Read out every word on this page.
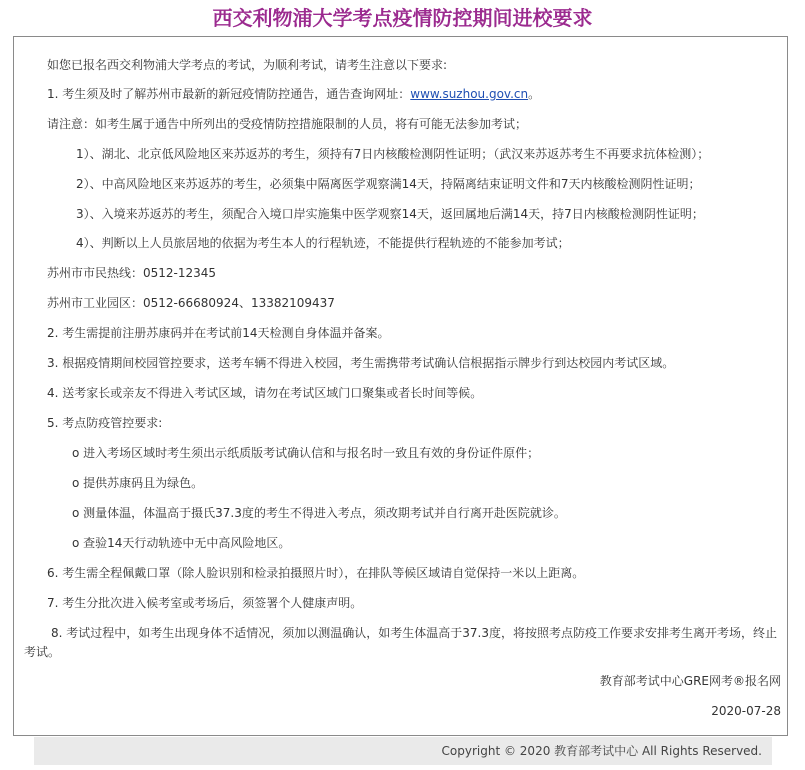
西交利物浦大学考点疫情防控期间进校要求
如您已报名西交利物浦大学考点的考试，为顺利考试，请考生注意以下要求:
1. 考生须及时了解苏州市最新的新冠疫情防控通告，通告查询网址：www.suzhou.gov.cn。
请注意：如考生属于通告中所列出的受疫情防控措施限制的人员，将有可能无法参加考试；
1）、湖北、北京低风险地区来苏返苏的考生，须持有7日内核酸检测阴性证明；（武汉来苏返苏考生不再要求抗体检测）；
2）、中高风险地区来苏返苏的考生，必须集中隔离医学观察满14天，持隔离结束证明文件和7天内核酸检测阴性证明；
3）、入境来苏返苏的考生，须配合入境口岸实施集中医学观察14天，返回属地后满14天，持7日内核酸检测阴性证明；
4）、判断以上人员旅居地的依据为考生本人的行程轨迹，不能提供行程轨迹的不能参加考试；
苏州市市民热线：0512-12345
苏州市工业园区：0512-66680924、13382109437
2. 考生需提前注册苏康码并在考试前14天检测自身体温并备案。
3. 根据疫情期间校园管控要求，送考车辆不得进入校园，考生需携带考试确认信根据指示牌步行到达校园内考试区域。
4. 送考家长或亲友不得进入考试区域，请勿在考试区域门口聚集或者长时间等候。
5. 考点防疫管控要求:
o 进入考场区域时考生须出示纸质版考试确认信和与报名时一致且有效的身份证件原件；
o 提供苏康码且为绿色。
o 测量体温，体温高于摄氏37.3度的考生不得进入考点，须改期考试并自行离开赴医院就诊。
o 查验14天行动轨迹中无中高风险地区。
6. 考生需全程佩戴口罩（除人脸识别和检录拍摄照片时），在排队等候区域请自觉保持一米以上距离。
7. 考生分批次进入候考室或考场后，须签署个人健康声明。
8. 考试过程中，如考生出现身体不适情况，须加以测温确认，如考生体温高于37.3度，将按照考点防疫工作要求安排考生离开考场，终止考试。
教育部考试中心GRE网考®报名网
2020-07-28
Copyright © 2020 教育部考试中心 All Rights Reserved.
